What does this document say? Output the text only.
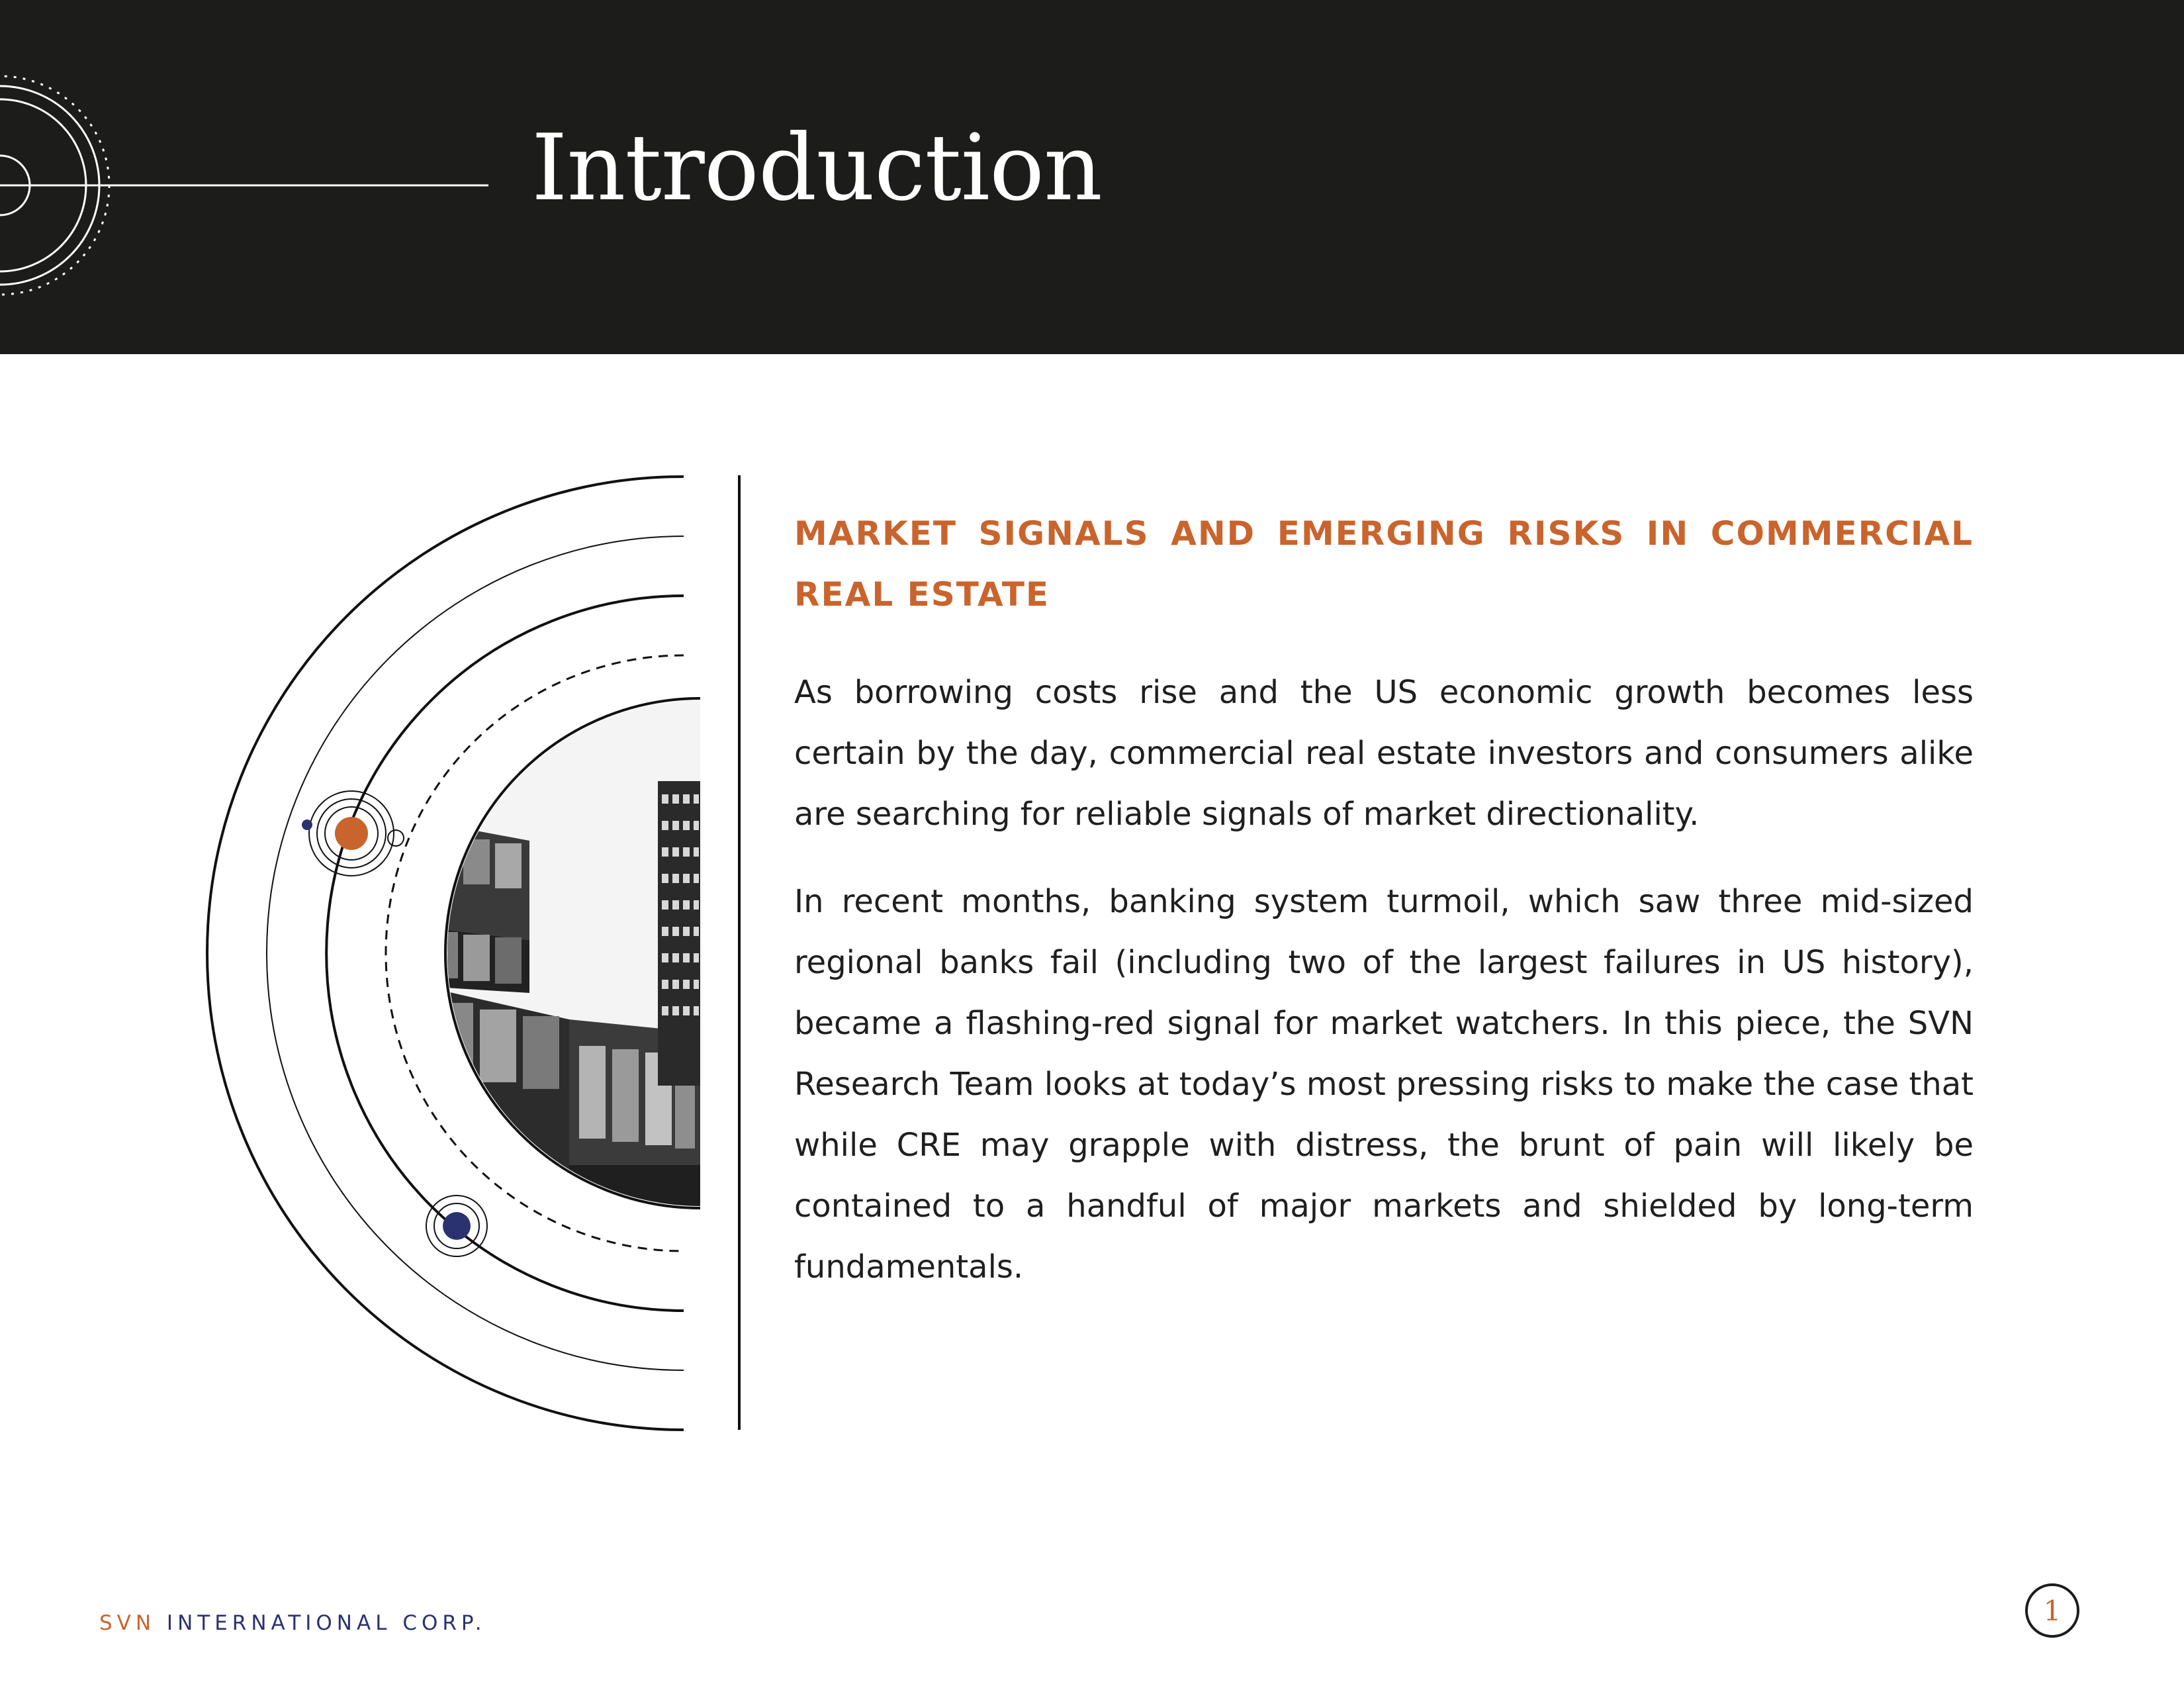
Introduction
MARKET SIGNALS AND EMERGING RISKS IN COMMERCIAL REAL ESTATE

As borrowing costs rise and the US economic growth becomes less certain by the day, commercial real estate investors and consumers alike are searching for reliable signals of market directionality.

In recent months, banking system turmoil, which saw three mid-sized regional banks fail (including two of the largest failures in US history), became a flashing-red signal for market watchers. In this piece, the SVN Research Team looks at today’s most pressing risks to make the case that while CRE may grapple with distress, the brunt of pain will likely be contained to a handful of major markets and shielded by long-term fundamentals.

SVN INTERNATIONAL CORP.	1
